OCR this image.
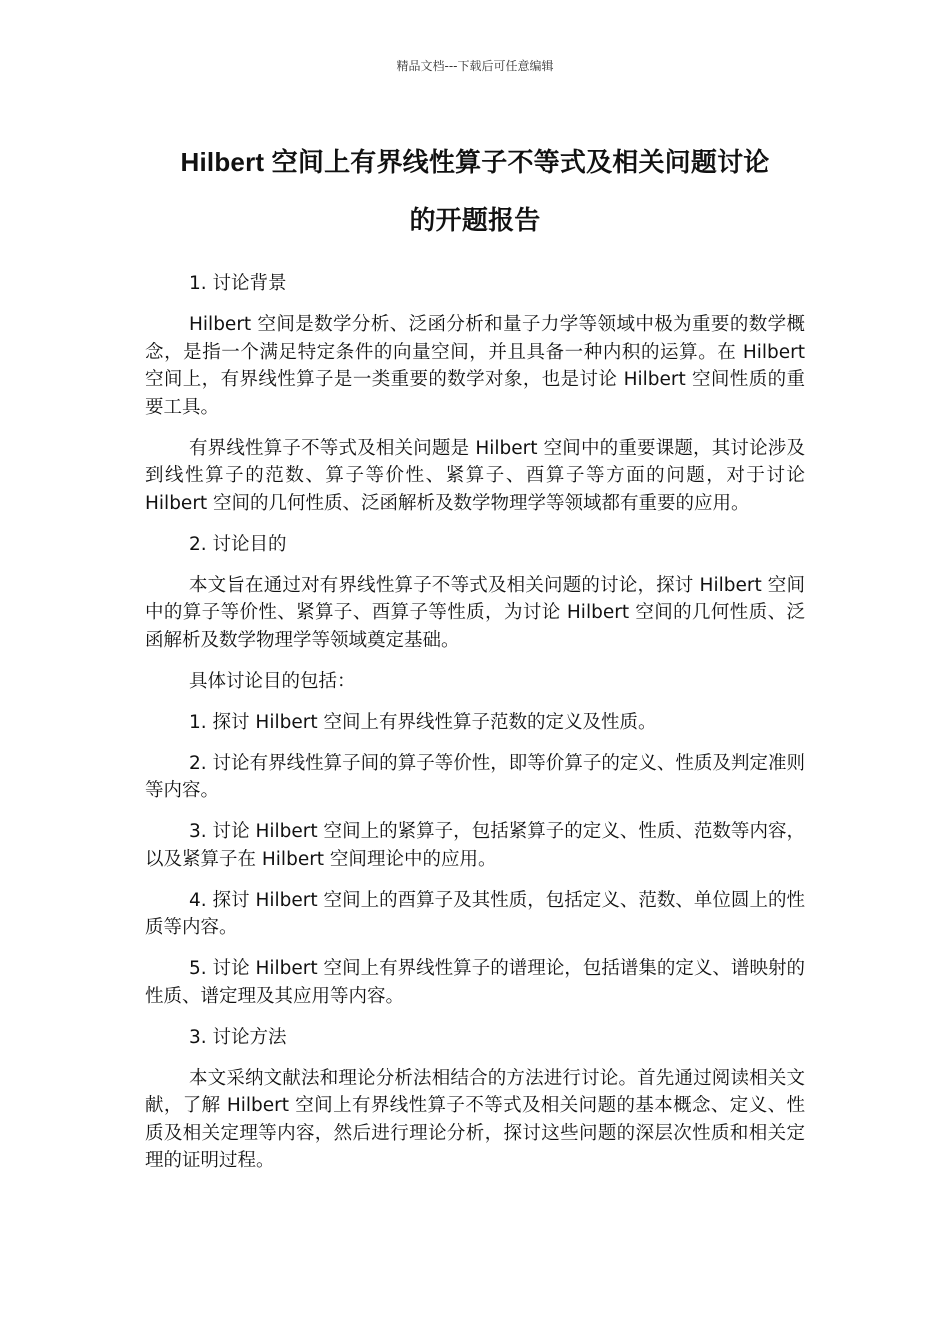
精品文档---下载后可任意编辑
Hilbert 空间上有界线性算子不等式及相关问题讨论
的开题报告

1. 讨论背景

Hilbert 空间是数学分析、泛函分析和量子力学等领域中极为重要的数学概念，是指一个满足特定条件的向量空间，并且具备一种内积的运算。在 Hilbert 空间上，有界线性算子是一类重要的数学对象，也是讨论 Hilbert 空间性质的重要工具。

有界线性算子不等式及相关问题是 Hilbert 空间中的重要课题，其讨论涉及到线性算子的范数、算子等价性、紧算子、酉算子等方面的问题，对于讨论 Hilbert 空间的几何性质、泛函解析及数学物理学等领域都有重要的应用。

2. 讨论目的

本文旨在通过对有界线性算子不等式及相关问题的讨论，探讨 Hilbert 空间中的算子等价性、紧算子、酉算子等性质，为讨论 Hilbert 空间的几何性质、泛函解析及数学物理学等领域奠定基础。

具体讨论目的包括：

1. 探讨 Hilbert 空间上有界线性算子范数的定义及性质。

2. 讨论有界线性算子间的算子等价性，即等价算子的定义、性质及判定准则等内容。

3. 讨论 Hilbert 空间上的紧算子，包括紧算子的定义、性质、范数等内容，以及紧算子在 Hilbert 空间理论中的应用。

4. 探讨 Hilbert 空间上的酉算子及其性质，包括定义、范数、单位圆上的性质等内容。

5. 讨论 Hilbert 空间上有界线性算子的谱理论，包括谱集的定义、谱映射的性质、谱定理及其应用等内容。

3. 讨论方法

本文采纳文献法和理论分析法相结合的方法进行讨论。首先通过阅读相关文献，了解 Hilbert 空间上有界线性算子不等式及相关问题的基本概念、定义、性质及相关定理等内容，然后进行理论分析，探讨这些问题的深层次性质和相关定理的证明过程。
